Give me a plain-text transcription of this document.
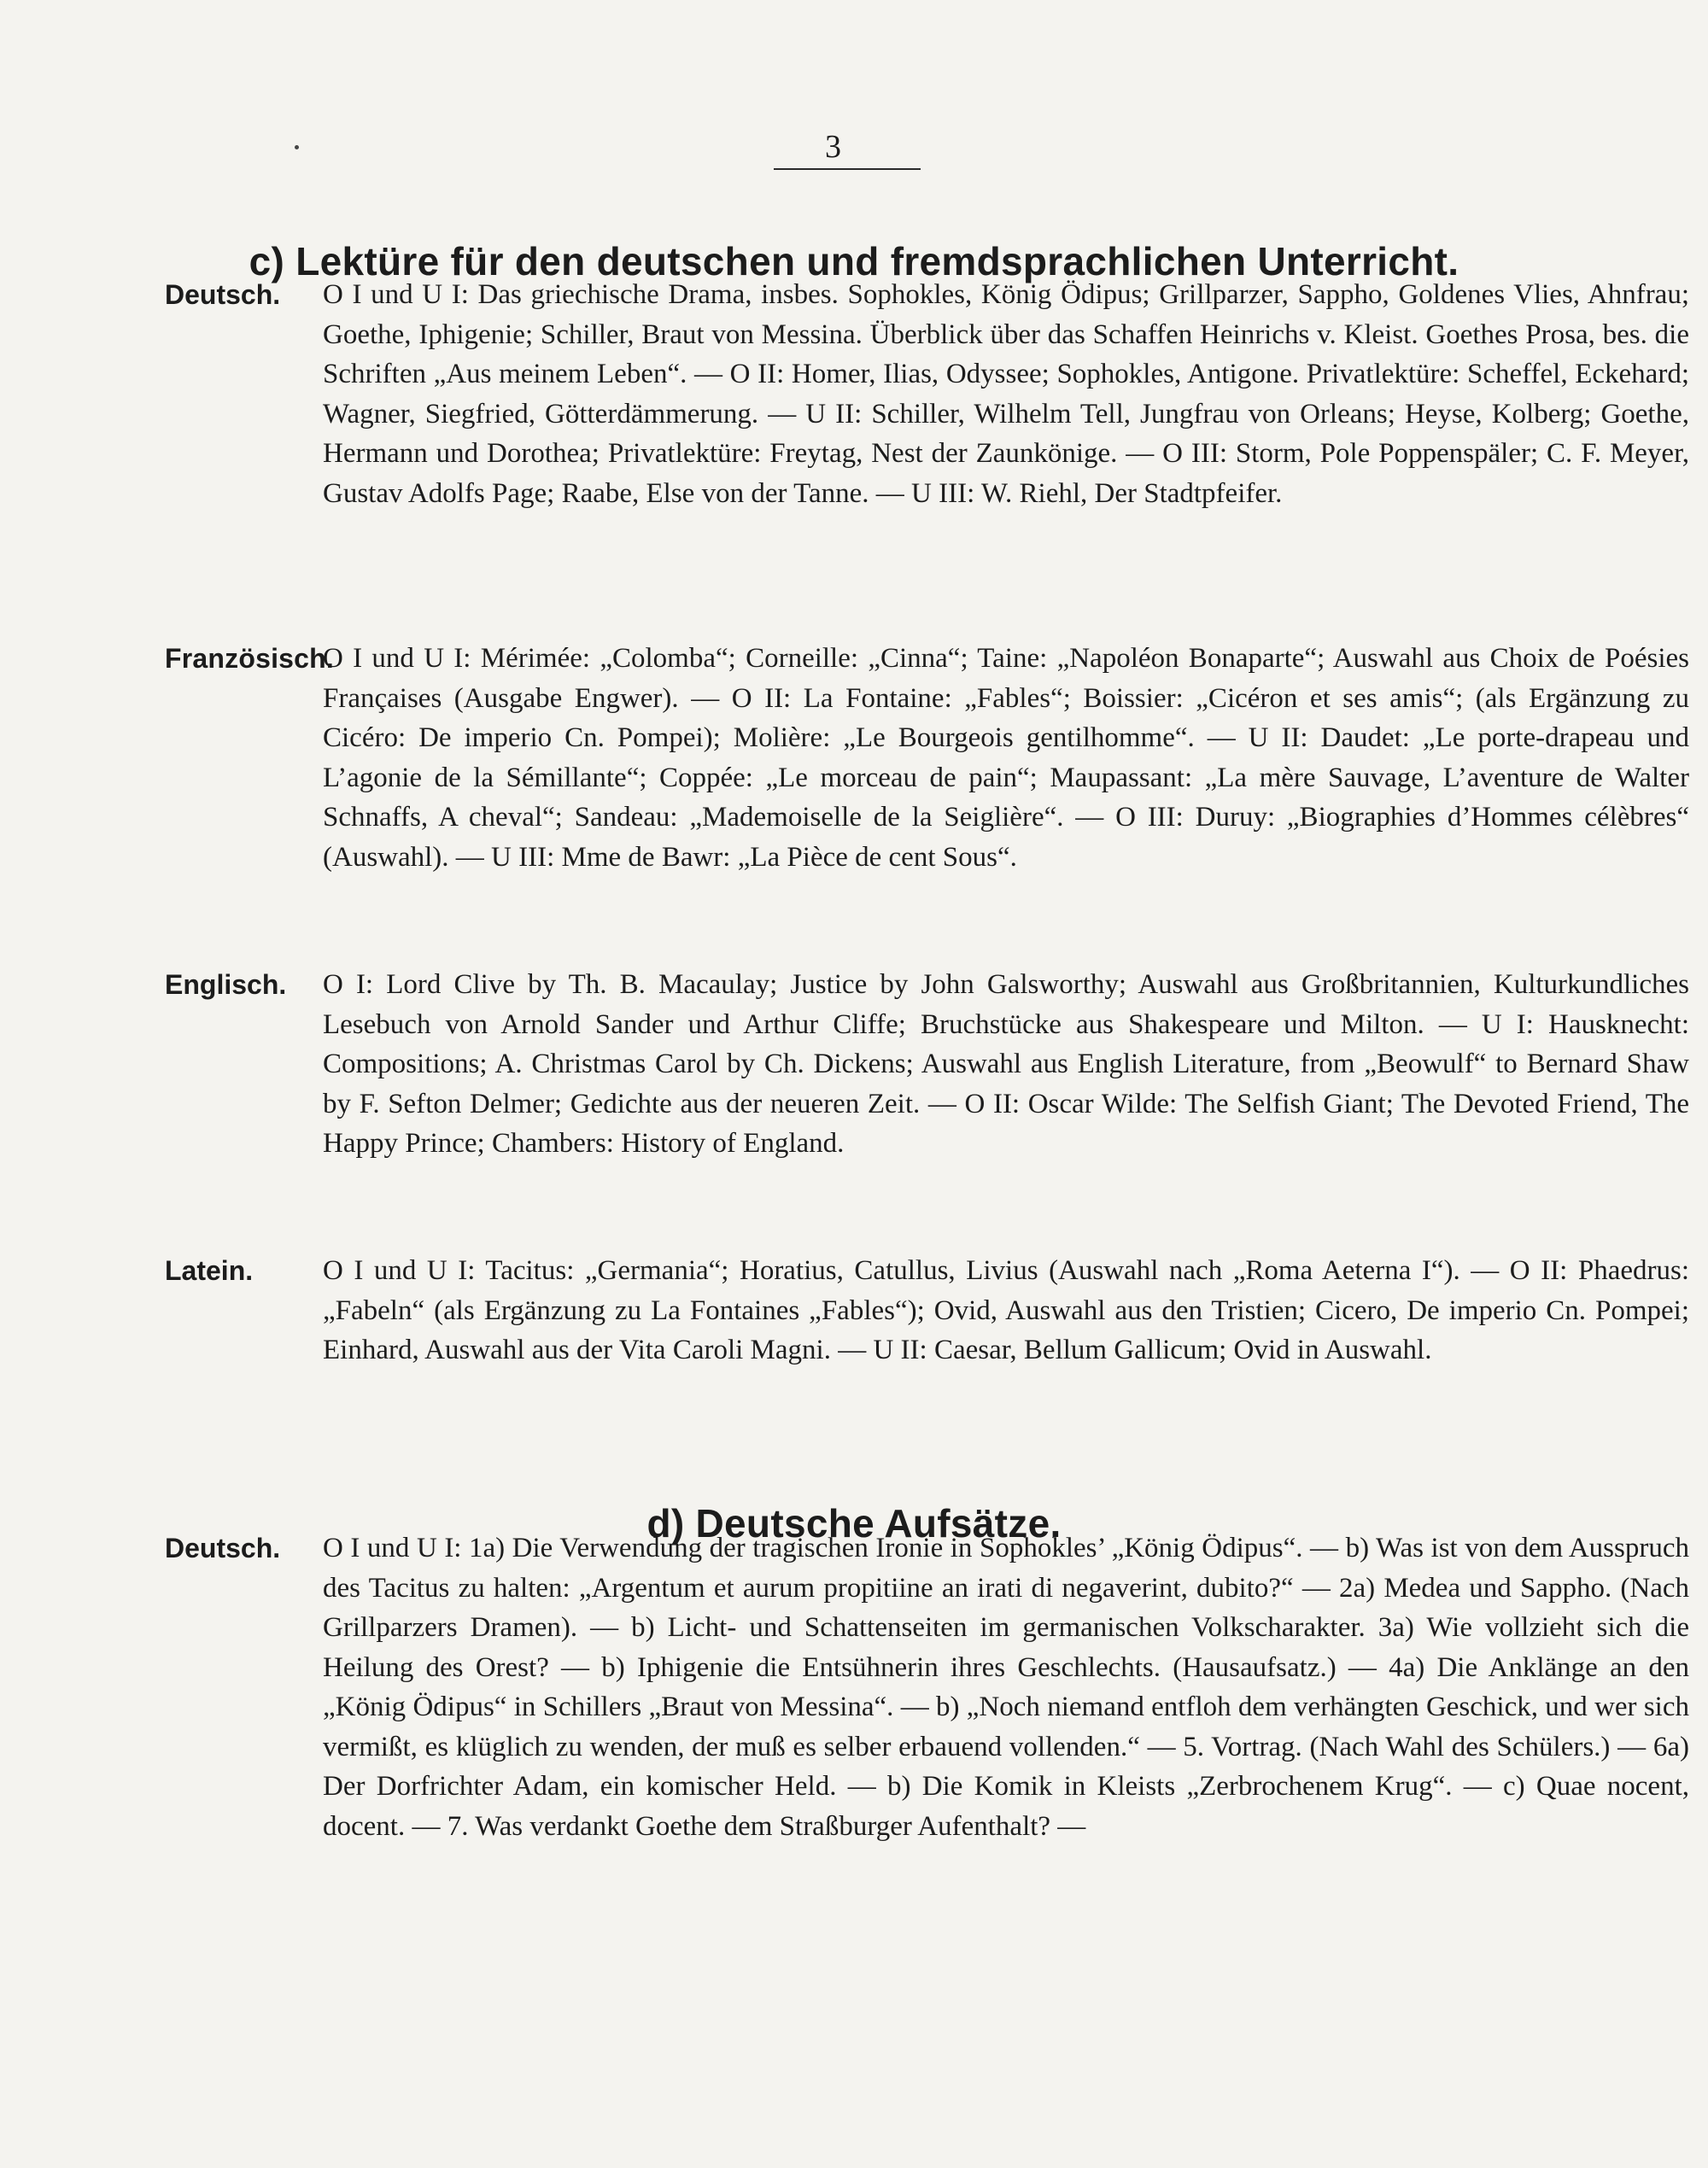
3
c) Lektüre für den deutschen und fremdsprachlichen Unterricht.
Deutsch. O I und U I: Das griechische Drama, insbes. Sophokles, König Ödipus; Grillparzer, Sappho, Goldenes Vlies, Ahnfrau; Goethe, Iphigenie; Schiller, Braut von Messina. Überblick über das Schaffen Heinrichs v. Kleist. Goethes Prosa, bes. die Schriften „Aus meinem Leben“. — O II: Homer, Ilias, Odyssee; Sophokles, Antigone. Privatlektüre: Scheffel, Eckehard; Wagner, Siegfried, Götterdämmerung. — U II: Schiller, Wilhelm Tell, Jungfrau von Orleans; Heyse, Kolberg; Goethe, Hermann und Dorothea; Privatlektüre: Freytag, Nest der Zaunkönige. — O III: Storm, Pole Poppenspäler; C. F. Meyer, Gustav Adolfs Page; Raabe, Else von der Tanne. — U III: W. Riehl, Der Stadtpfeifer.

Französisch.

O I und U I: Mérimée: „Colomba“; Corneille: „Cinna“; Taine: „Napoléon Bonaparte“; Auswahl aus Choix de Poésies Françaises (Ausgabe Engwer). — O II: La Fontaine: „Fables“; Boissier: „Cicéron et ses amis“; (als Ergänzung zu Cicéro: De imperio Cn. Pompei); Molière: „Le Bourgeois gentilhomme“. — U II: Daudet: „Le porte-drapeau und L’agonie de la Sémillante“; Coppée: „Le morceau de pain“; Maupassant: „La mère Sauvage, L’aventure de Walter Schnaffs, A cheval“; Sandeau: „Mademoiselle de la Seiglière“. — O III: Duruy: „Biographies d’Hommes célèbres“ (Auswahl). — U III: Mme de Bawr: „La Pièce de cent Sous“.

Englisch. O I: Lord Clive by Th. B. Macaulay; Justice by John Galsworthy; Auswahl aus Großbritannien, Kulturkundliches Lesebuch von Arnold Sander und Arthur Cliffe; Bruchstücke aus Shakespeare und Milton. — U I: Hausknecht: Compositions; A. Christmas Carol by Ch. Dickens; Auswahl aus English Literature, from „Beowulf“ to Bernard Shaw by F. Sefton Delmer; Gedichte aus der neueren Zeit. — O II: Oscar Wilde: The Selfish Giant; The Devoted Friend, The Happy Prince; Chambers: History of England.

Latein. O I und U I: Tacitus: „Germania“; Horatius, Catullus, Livius (Auswahl nach „Roma Aeterna I“). — O II: Phaedrus: „Fabeln“ (als Ergänzung zu La Fontaines „Fables“); Ovid, Auswahl aus den Tristien; Cicero, De imperio Cn. Pompei; Einhard, Auswahl aus der Vita Caroli Magni. — U II: Caesar, Bellum Gallicum; Ovid in Auswahl.

d) Deutsche Aufsätze.
Deutsch. O I und U I: 1a) Die Verwendung der tragischen Ironie in Sophokles’ „König Ödipus“. — b) Was ist von dem Ausspruch des Tacitus zu halten: „Argentum et aurum propitiine an irati di negaverint, dubito?“ — 2a) Medea und Sappho. (Nach Grillparzers Dramen). — b) Licht- und Schattenseiten im germanischen Volkscharakter. 3a) Wie vollzieht sich die Heilung des Orest? — b) Iphigenie die Entsühnerin ihres Geschlechts. (Hausaufsatz.) — 4a) Die Anklänge an den „König Ödipus“ in Schillers „Braut von Messina“. — b) „Noch niemand entfloh dem verhängten Geschick, und wer sich vermißt, es klüglich zu wenden, der muß es selber erbauend vollenden.“ — 5. Vortrag. (Nach Wahl des Schülers.) — 6a) Der Dorfrichter Adam, ein komischer Held. — b) Die Komik in Kleists „Zerbrochenem Krug“. — c) Quae nocent, docent. — 7. Was verdankt Goethe dem Straßburger Aufenthalt? —
